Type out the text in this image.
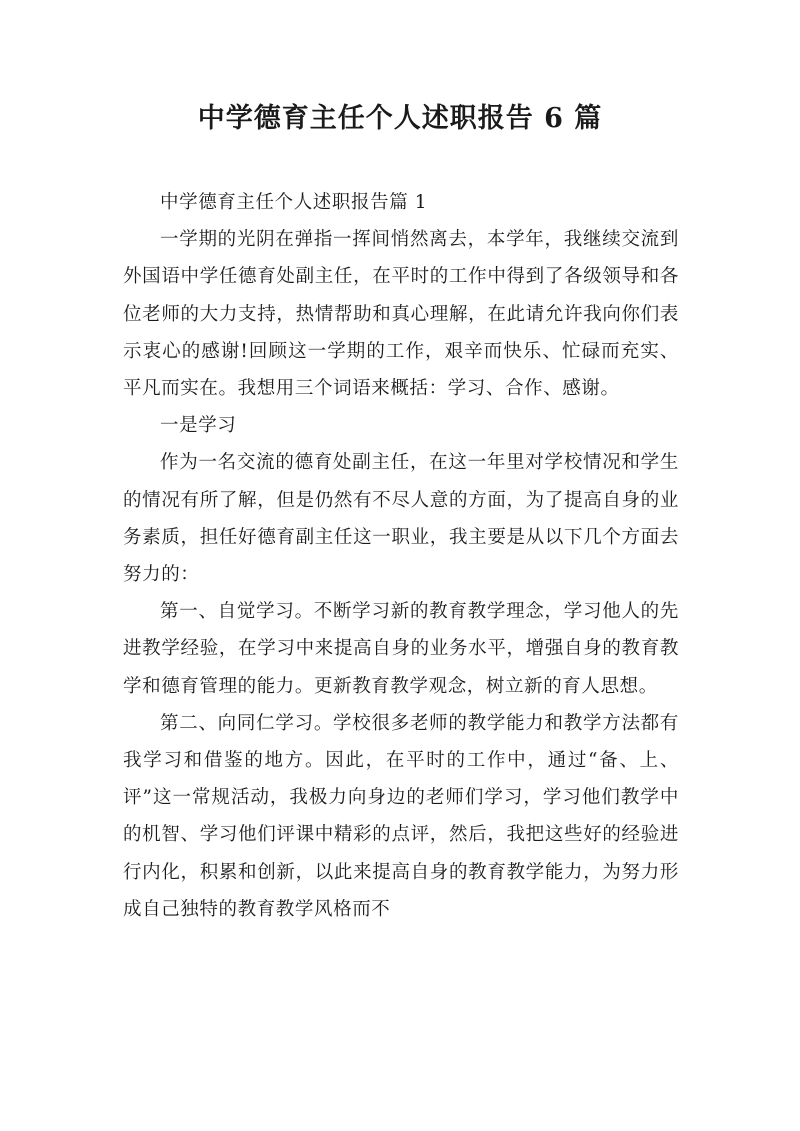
中学德育主任个人述职报告 6 篇

中学德育主任个人述职报告篇 1

一学期的光阴在弹指一挥间悄然离去，本学年，我继续交流到外国语中学任德育处副主任，在平时的工作中得到了各级领导和各位老师的大力支持，热情帮助和真心理解，在此请允许我向你们表示衷心的感谢!回顾这一学期的工作，艰辛而快乐、忙碌而充实、平凡而实在。我想用三个词语来概括：学习、合作、感谢。

一是学习

作为一名交流的德育处副主任，在这一年里对学校情况和学生的情况有所了解，但是仍然有不尽人意的方面，为了提高自身的业务素质，担任好德育副主任这一职业，我主要是从以下几个方面去努力的：

第一、自觉学习。不断学习新的教育教学理念，学习他人的先进教学经验，在学习中来提高自身的业务水平，增强自身的教育教学和德育管理的能力。更新教育教学观念，树立新的育人思想。

第二、向同仁学习。学校很多老师的教学能力和教学方法都有我学习和借鉴的地方。因此，在平时的工作中，通过“备、上、评”这一常规活动，我极力向身边的老师们学习，学习他们教学中的机智、学习他们评课中精彩的点评，然后，我把这些好的经验进行内化，积累和创新，以此来提高自身的教育教学能力，为努力形成自己独特的教育教学风格而不
